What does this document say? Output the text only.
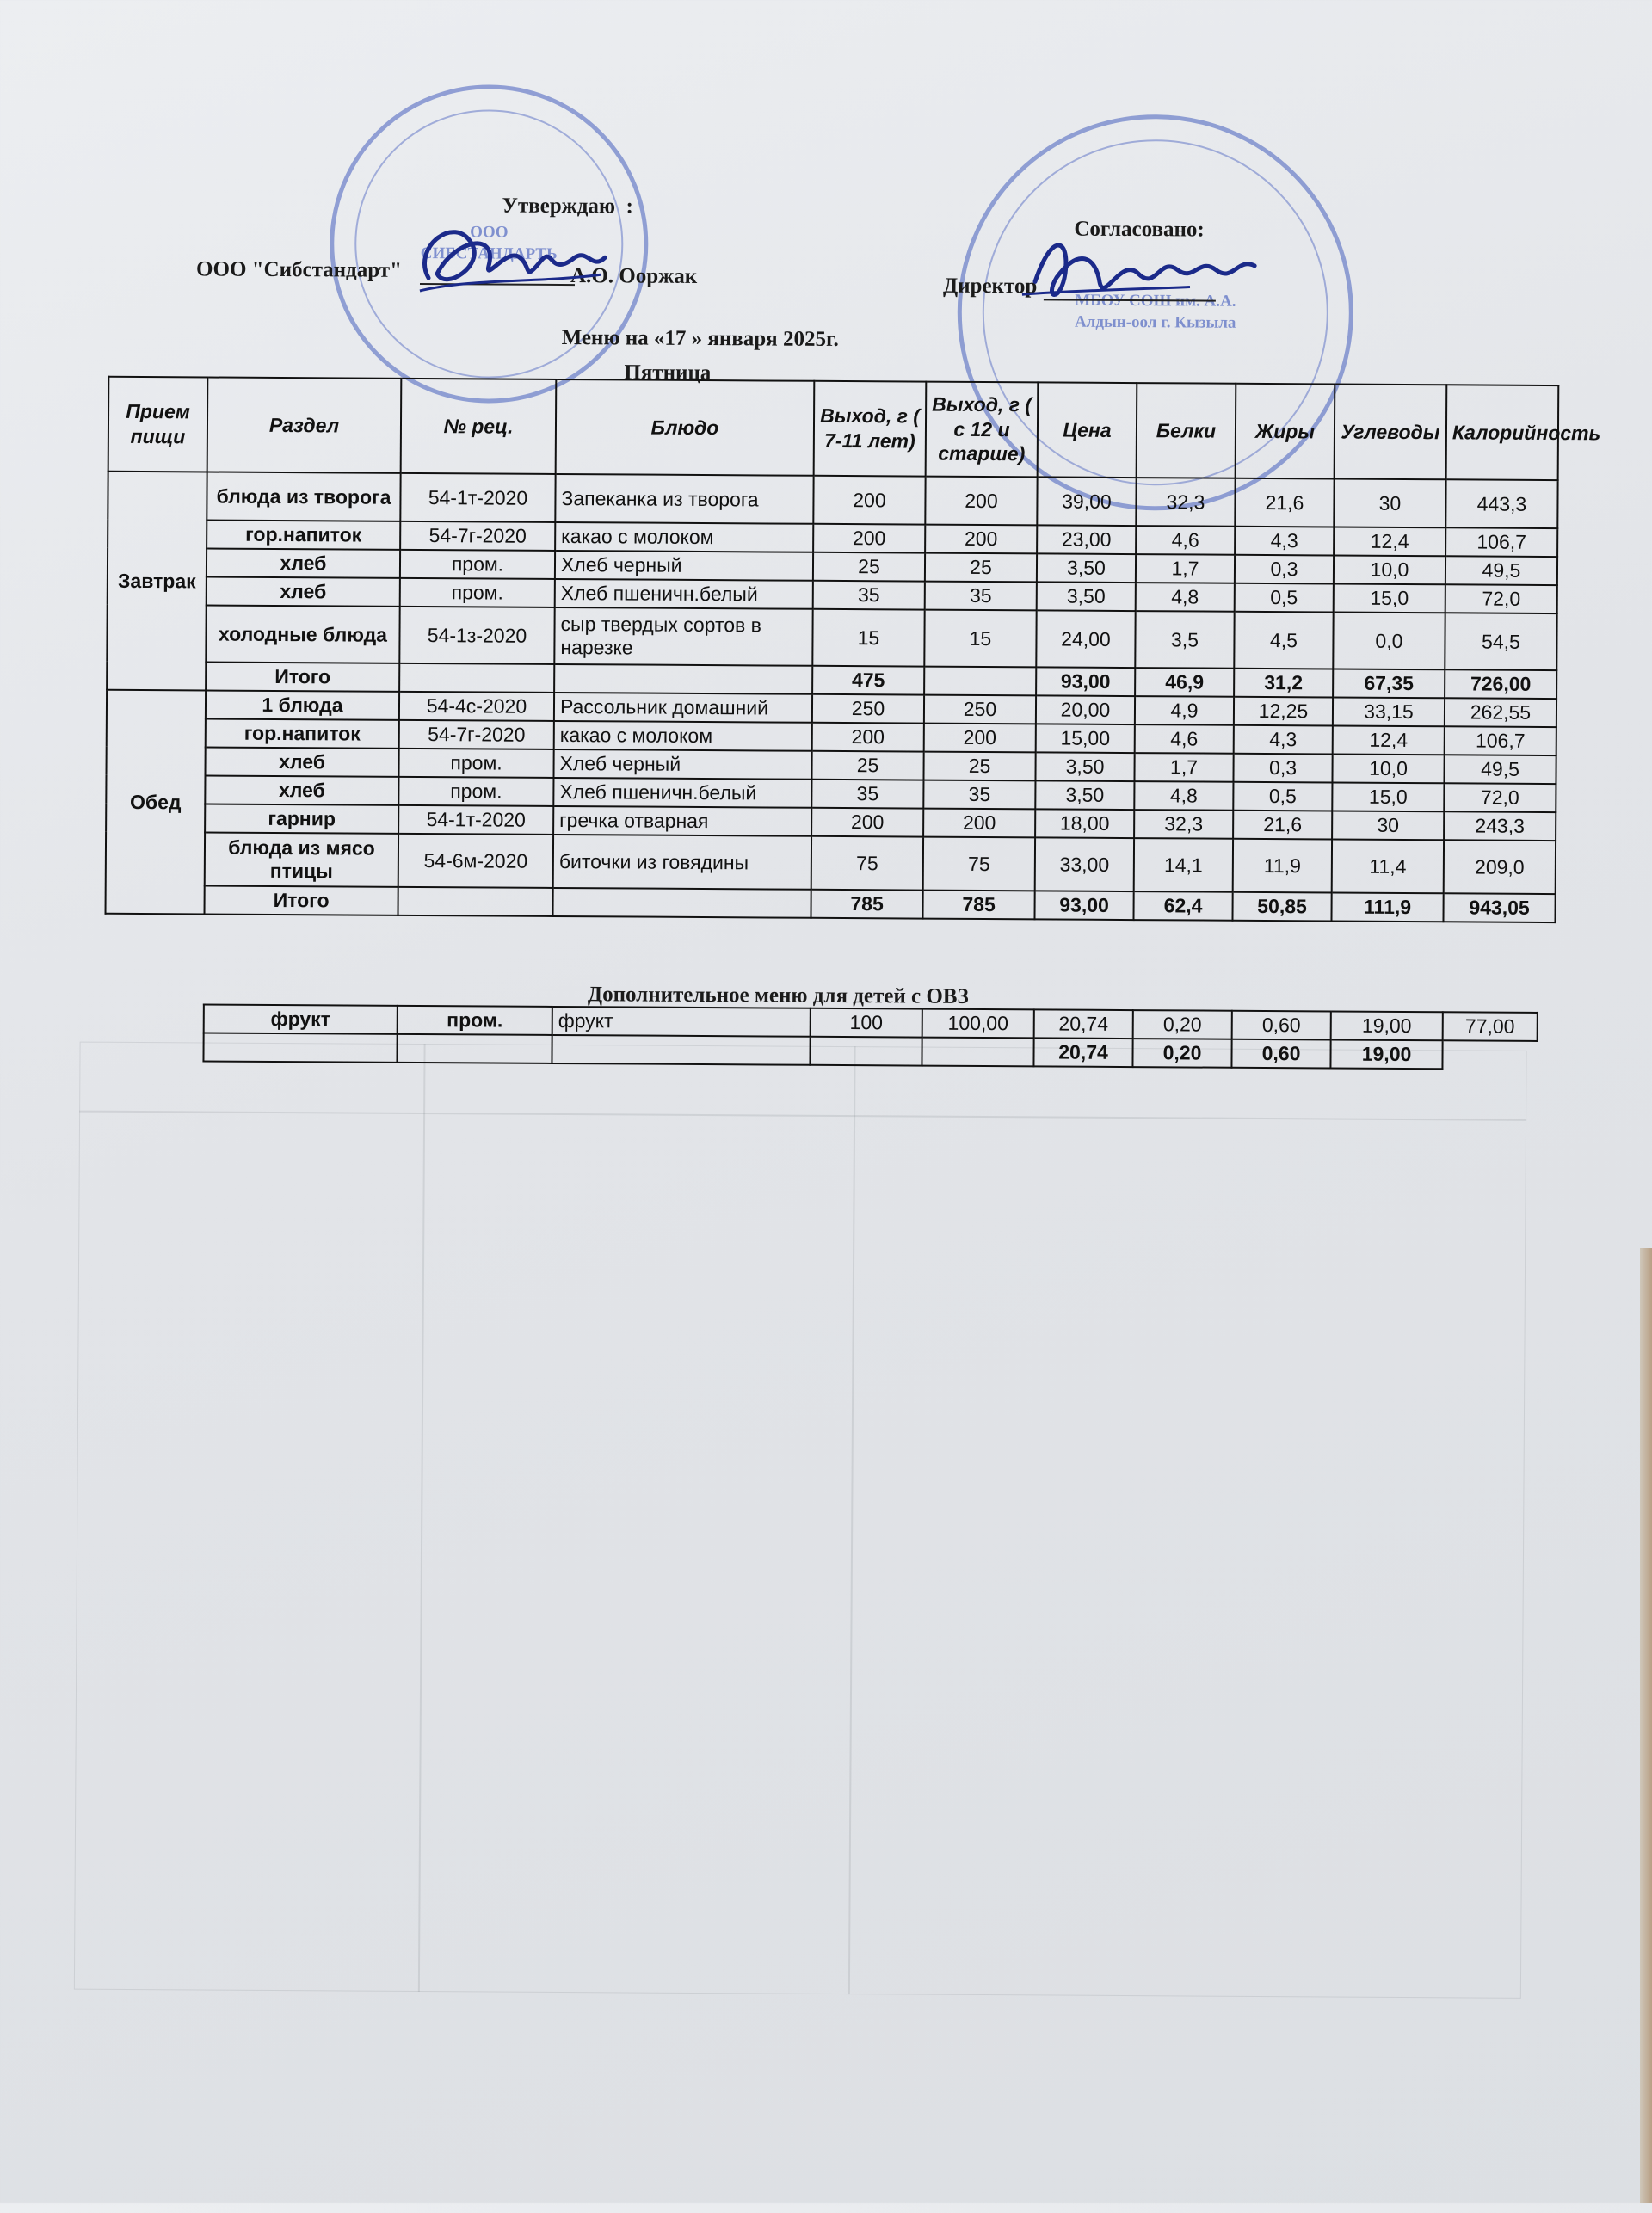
ООО СИБСТАНДАРТЬ
МБОУ СОШ им. А.А. Алдын-оол г. Кызыла
Утверждаю :
ООО "Сибстандарт"	А.О. Ооржак
Согласовано:
Директор
Меню на «17 » января 2025г.
Пятница
Прием пищи	Раздел	№ рец.	Блюдо	Выход, г ( 7-11 лет)	Выход, г ( с 12 и старше)	Цена	Белки	Жиры	Углеводы	Калорийность
Завтрак	блюда из творога	54-1т-2020	Запеканка из творога	200	200	39,00	32,3	21,6	30	443,3
	гор.напиток	54-7г-2020	какао с молоком	200	200	23,00	4,6	4,3	12,4	106,7
	хлеб	пром.	Хлеб черный	25	25	3,50	1,7	0,3	10,0	49,5
	хлеб	пром.	Хлеб пшеничн.белый	35	35	3,50	4,8	0,5	15,0	72,0
	холодные блюда	54-1з-2020	сыр твердых сортов в нарезке	15	15	24,00	3,5	4,5	0,0	54,5
	Итого			475		93,00	46,9	31,2	67,35	726,00
Обед	1 блюда	54-4с-2020	Рассольник домашний	250	250	20,00	4,9	12,25	33,15	262,55
	гор.напиток	54-7г-2020	какао с молоком	200	200	15,00	4,6	4,3	12,4	106,7
	хлеб	пром.	Хлеб черный	25	25	3,50	1,7	0,3	10,0	49,5
	хлеб	пром.	Хлеб пшеничн.белый	35	35	3,50	4,8	0,5	15,0	72,0
	гарнир	54-1т-2020	гречка отварная	200	200	18,00	32,3	21,6	30	243,3
	блюда из мясо птицы	54-6м-2020	биточки из говядины	75	75	33,00	14,1	11,9	11,4	209,0
	Итого			785	785	93,00	62,4	50,85	111,9	943,05
Дополнительное меню для детей с ОВЗ
фрукт	пром.	фрукт	100	100,00	20,74	0,20	0,60	19,00	77,00
					20,74	0,20	0,60	19,00	
